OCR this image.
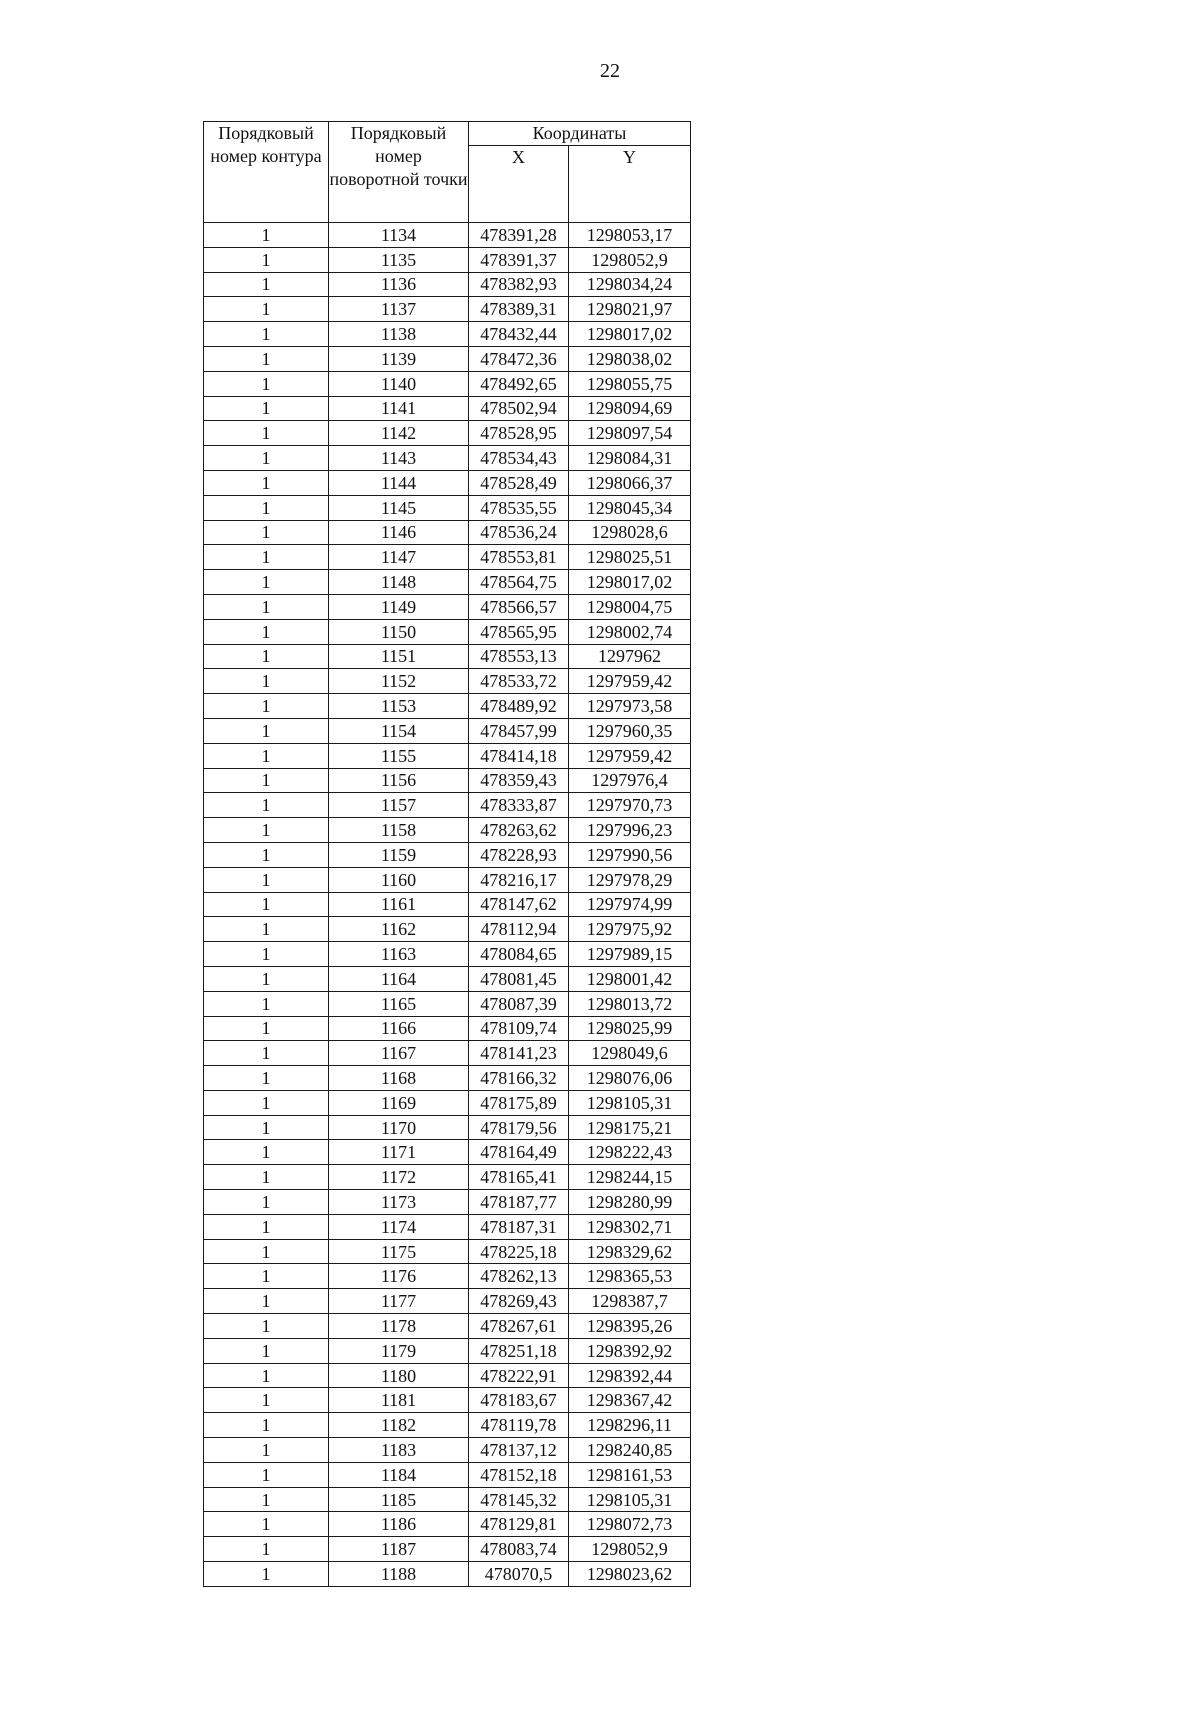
22
Порядковый номер контура	Порядковый номер поворотной точки	Координаты	
		X	Y
1	1134	478391,28	1298053,17
1	1135	478391,37	1298052,9
1	1136	478382,93	1298034,24
1	1137	478389,31	1298021,97
1	1138	478432,44	1298017,02
1	1139	478472,36	1298038,02
1	1140	478492,65	1298055,75
1	1141	478502,94	1298094,69
1	1142	478528,95	1298097,54
1	1143	478534,43	1298084,31
1	1144	478528,49	1298066,37
1	1145	478535,55	1298045,34
1	1146	478536,24	1298028,6
1	1147	478553,81	1298025,51
1	1148	478564,75	1298017,02
1	1149	478566,57	1298004,75
1	1150	478565,95	1298002,74
1	1151	478553,13	1297962
1	1152	478533,72	1297959,42
1	1153	478489,92	1297973,58
1	1154	478457,99	1297960,35
1	1155	478414,18	1297959,42
1	1156	478359,43	1297976,4
1	1157	478333,87	1297970,73
1	1158	478263,62	1297996,23
1	1159	478228,93	1297990,56
1	1160	478216,17	1297978,29
1	1161	478147,62	1297974,99
1	1162	478112,94	1297975,92
1	1163	478084,65	1297989,15
1	1164	478081,45	1298001,42
1	1165	478087,39	1298013,72
1	1166	478109,74	1298025,99
1	1167	478141,23	1298049,6
1	1168	478166,32	1298076,06
1	1169	478175,89	1298105,31
1	1170	478179,56	1298175,21
1	1171	478164,49	1298222,43
1	1172	478165,41	1298244,15
1	1173	478187,77	1298280,99
1	1174	478187,31	1298302,71
1	1175	478225,18	1298329,62
1	1176	478262,13	1298365,53
1	1177	478269,43	1298387,7
1	1178	478267,61	1298395,26
1	1179	478251,18	1298392,92
1	1180	478222,91	1298392,44
1	1181	478183,67	1298367,42
1	1182	478119,78	1298296,11
1	1183	478137,12	1298240,85
1	1184	478152,18	1298161,53
1	1185	478145,32	1298105,31
1	1186	478129,81	1298072,73
1	1187	478083,74	1298052,9
1	1188	478070,5	1298023,62
